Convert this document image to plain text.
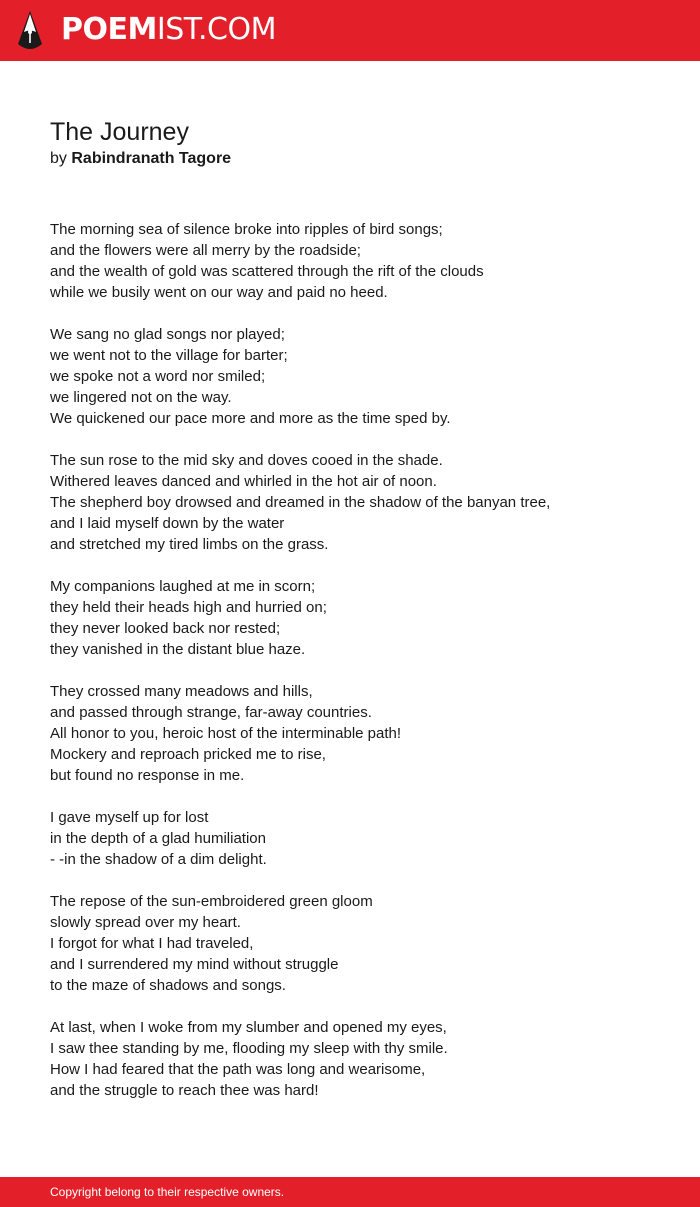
POEMIST.COM
The Journey
by Rabindranath Tagore
The morning sea of silence broke into ripples of bird songs;
and the flowers were all merry by the roadside;
and the wealth of gold was scattered through the rift of the clouds
while we busily went on our way and paid no heed.
We sang no glad songs nor played;
we went not to the village for barter;
we spoke not a word nor smiled;
we lingered not on the way.
We quickened our pace more and more as the time sped by.
The sun rose to the mid sky and doves cooed in the shade.
Withered leaves danced and whirled in the hot air of noon.
The shepherd boy drowsed and dreamed in the shadow of the banyan tree,
and I laid myself down by the water
and stretched my tired limbs on the grass.
My companions laughed at me in scorn;
they held their heads high and hurried on;
they never looked back nor rested;
they vanished in the distant blue haze.
They crossed many meadows and hills,
and passed through strange, far-away countries.
All honor to you, heroic host of the interminable path!
Mockery and reproach pricked me to rise,
but found no response in me.
I gave myself up for lost
in the depth of a glad humiliation
- -in the shadow of a dim delight.
The repose of the sun-embroidered green gloom
slowly spread over my heart.
I forgot for what I had traveled,
and I surrendered my mind without struggle
to the maze of shadows and songs.
At last, when I woke from my slumber and opened my eyes,
I saw thee standing by me, flooding my sleep with thy smile.
How I had feared that the path was long and wearisome,
and the struggle to reach thee was hard!
Copyright belong to their respective owners.
